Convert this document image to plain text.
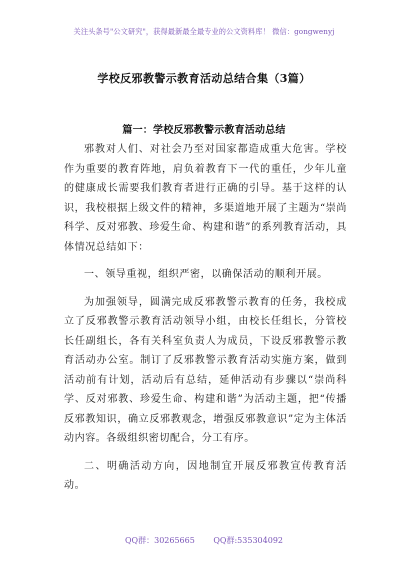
关注头条号"公文研究"，获得最新最全最专业的公文资料库！ 微信：gongwenyj
学校反邪教警示教育活动总结合集（3篇）
篇一：学校反邪教警示教育活动总结

邪教对人们、对社会乃至对国家都造成重大危害。学校作为重要的教育阵地，肩负着教育下一代的重任，少年儿童的健康成长需要我们教育者进行正确的引导。基于这样的认识，我校根据上级文件的精神，多渠道地开展了主题为“崇尚科学、反对邪教、珍爱生命、构建和谐”的系列教育活动，具体情况总结如下：

一、领导重视，组织严密，以确保活动的顺利开展。

为加强领导，圆满完成反邪教警示教育的任务，我校成立了反邪教警示教育活动领导小组，由校长任组长，分管校长任副组长，各有关科室负责人为成员，下设反邪教警示教育活动办公室。制订了反邪教警示教育活动实施方案，做到活动前有计划，活动后有总结，延伸活动有步骤以“崇尚科学、反对邪教、珍爱生命、构建和谐”为活动主题，把“传播反邪教知识，确立反邪教观念，增强反邪教意识”定为主体活动内容。各级组织密切配合，分工有序。

二、明确活动方向，因地制宜开展反邪教宣传教育活动。

QQ群：30265665 QQ群:535304092
